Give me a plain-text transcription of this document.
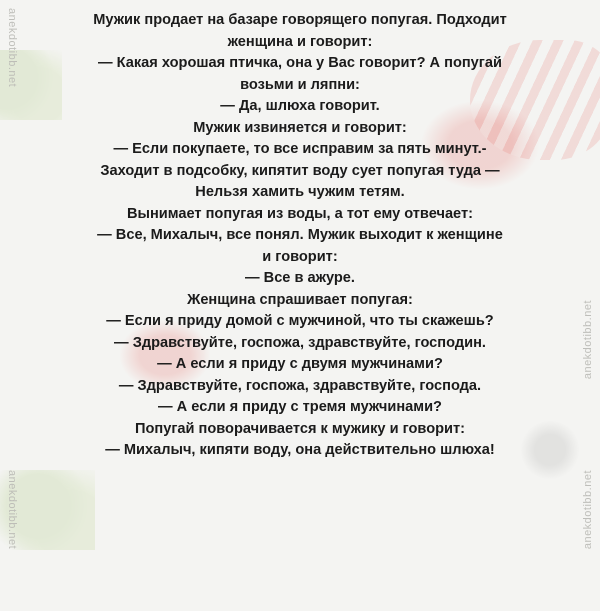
anekdotibb.net
anekdotibb.net
anekdotibb.net
anekdotibb.net

Мужик продает на базаре говорящего попугая. Подходит

женщина и говорит:

— Какая хорошая птичка, она у Вас говорит? А попугай

возьми и ляпни:

— Да, шлюха говорит.

Мужик извиняется и говорит:

— Если покупаете, то все исправим за пять минут.-

Заходит в подсобку, кипятит воду сует попугая туда —

Нельзя хамить чужим тетям.

Вынимает попугая из воды, а тот ему отвечает:

— Все, Михалыч, все понял. Мужик выходит к женщине

и говорит:

— Все в ажуре.

Женщина спрашивает попугая:

— Если я приду домой с мужчиной, что ты скажешь?

— Здравствуйте, госпожа, здравствуйте, господин.

— А если я приду с двумя мужчинами?

— Здравствуйте, госпожа, здравствуйте, господа.

— А если я приду с тремя мужчинами?

Попугай поворачивается к мужику и говорит:

— Михалыч, кипяти воду, она действительно шлюха!
